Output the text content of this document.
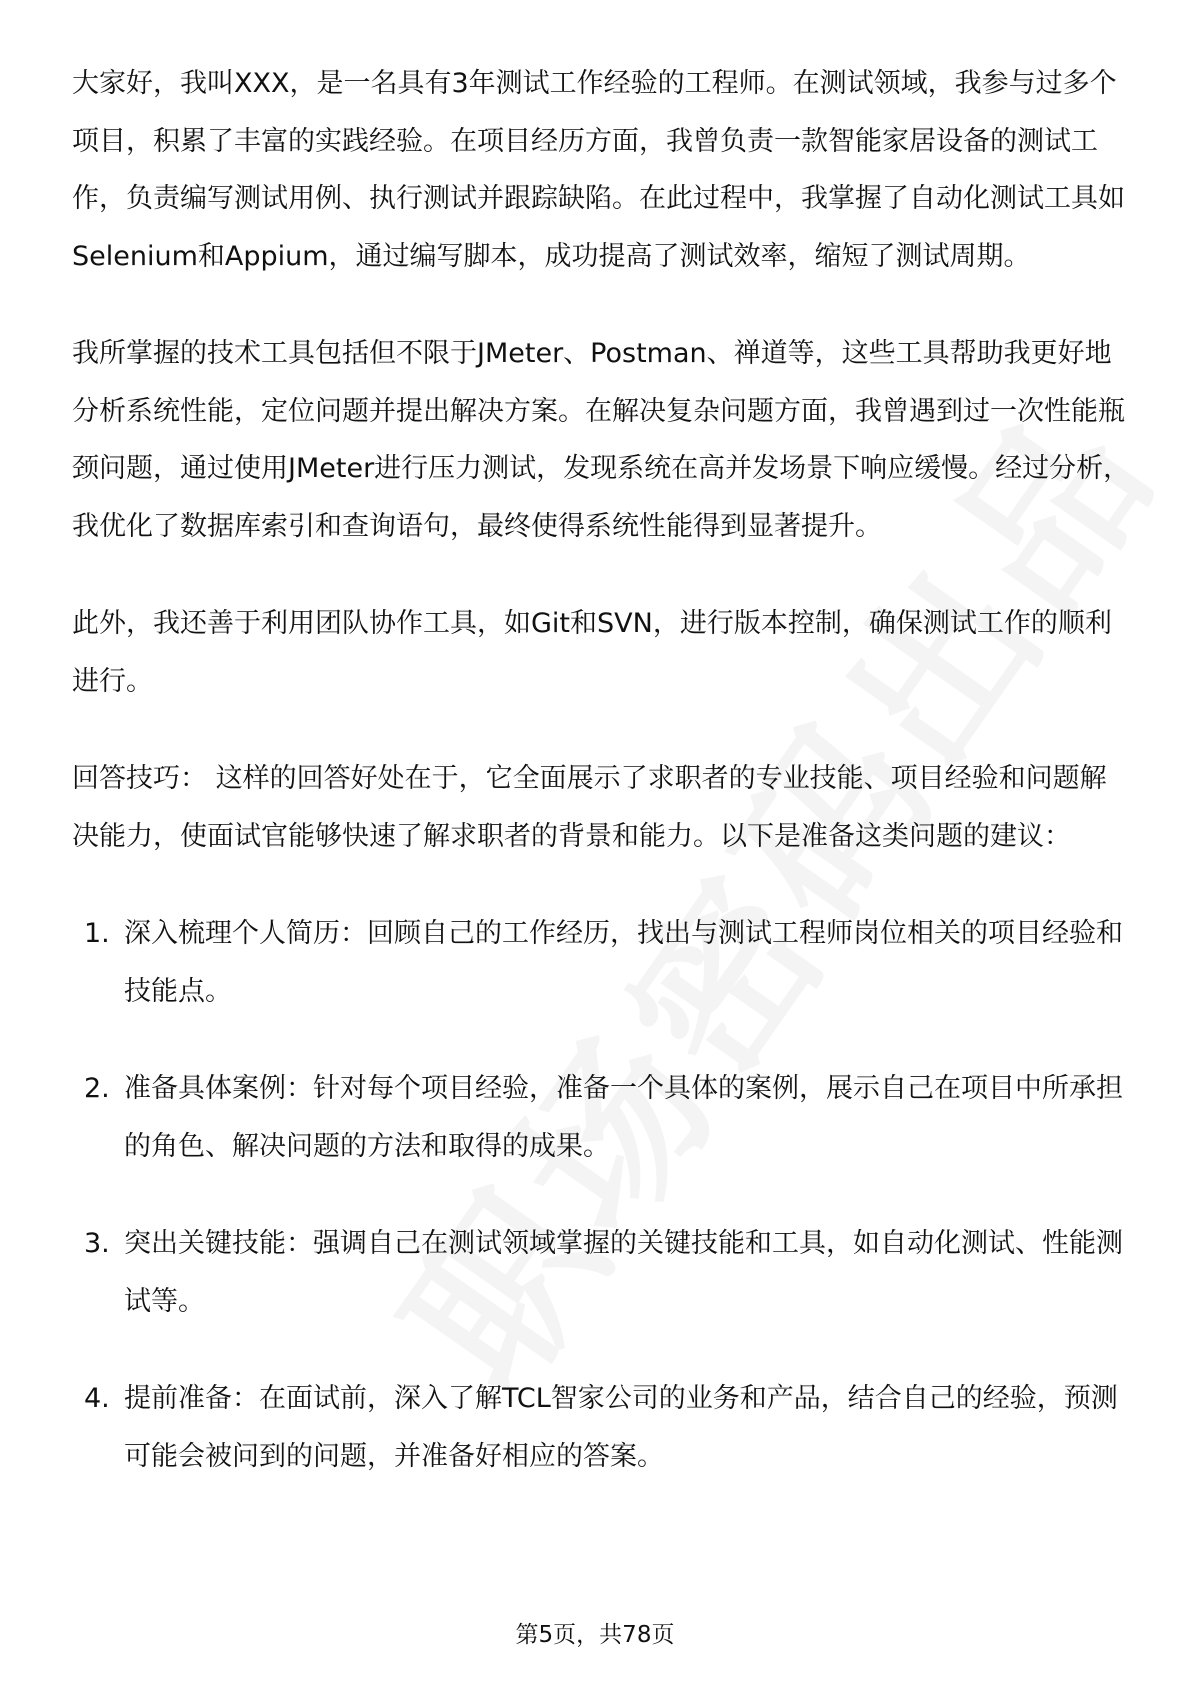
大家好，我叫XXX，是一名具有3年测试工作经验的工程师。在测试领域，我参与过多个项目，积累了丰富的实践经验。在项目经历方面，我曾负责一款智能家居设备的测试工作，负责编写测试用例、执行测试并跟踪缺陷。在此过程中，我掌握了自动化测试工具如Selenium和Appium，通过编写脚本，成功提高了测试效率，缩短了测试周期。

我所掌握的技术工具包括但不限于JMeter、Postman、禅道等，这些工具帮助我更好地分析系统性能，定位问题并提出解决方案。在解决复杂问题方面，我曾遇到过一次性能瓶颈问题，通过使用JMeter进行压力测试，发现系统在高并发场景下响应缓慢。经过分析，我优化了数据库索引和查询语句，最终使得系统性能得到显著提升。

此外，我还善于利用团队协作工具，如Git和SVN，进行版本控制，确保测试工作的顺利进行。

回答技巧： 这样的回答好处在于，它全面展示了求职者的专业技能、项目经验和问题解决能力，使面试官能够快速了解求职者的背景和能力。以下是准备这类问题的建议：

1. 深入梳理个人简历：回顾自己的工作经历，找出与测试工程师岗位相关的项目经验和技能点。
2. 准备具体案例：针对每个项目经验，准备一个具体的案例，展示自己在项目中所承担的角色、解决问题的方法和取得的成果。
3. 突出关键技能：强调自己在测试领域掌握的关键技能和工具，如自动化测试、性能测试等。
4. 提前准备：在面试前，深入了解TCL智家公司的业务和产品，结合自己的经验，预测可能会被问到的问题，并准备好相应的答案。
第5页，共78页
